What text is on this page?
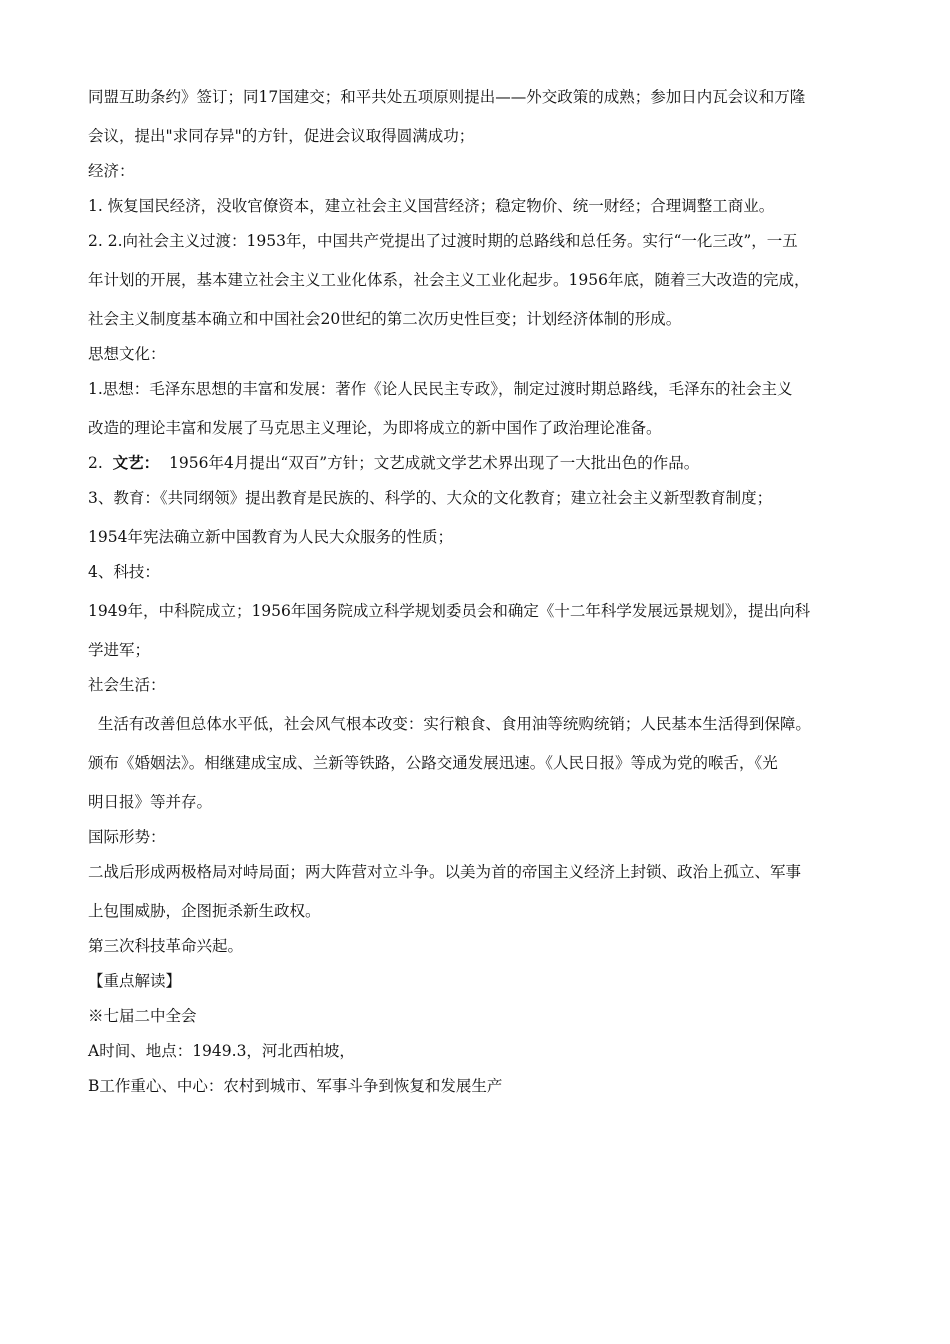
同盟互助条约》签订；同17国建交；和平共处五项原则提出——外交政策的成熟；参加日内瓦会议和万隆

会议，提出"求同存异"的方针，促进会议取得圆满成功；

经济：

1. 恢复国民经济，没收官僚资本，建立社会主义国营经济；稳定物价、统一财经；合理调整工商业。

2. 2.向社会主义过渡：1953年，中国共产党提出了过渡时期的总路线和总任务。实行“一化三改”，一五

年计划的开展，基本建立社会主义工业化体系，社会主义工业化起步。1956年底，随着三大改造的完成，

社会主义制度基本确立和中国社会20世纪的第二次历史性巨变；计划经济体制的形成。

思想文化：

1.思想：毛泽东思想的丰富和发展：著作《论人民民主专政》，制定过渡时期总路线，毛泽东的社会主义

改造的理论丰富和发展了马克思主义理论，为即将成立的新中国作了政治理论准备。

2. 文艺： 1956年4月提出“双百”方针；文艺成就文学艺术界出现了一大批出色的作品。

3、教育：《共同纲领》提出教育是民族的、科学的、大众的文化教育；建立社会主义新型教育制度；

1954年宪法确立新中国教育为人民大众服务的性质；

4、科技：

1949年，中科院成立；1956年国务院成立科学规划委员会和确定《十二年科学发展远景规划》，提出向科

学进军；

社会生活：

生活有改善但总体水平低，社会风气根本改变：实行粮食、食用油等统购统销；人民基本生活得到保障。

颁布《婚姻法》。相继建成宝成、兰新等铁路，公路交通发展迅速。《人民日报》等成为党的喉舌，《光

明日报》等并存。

国际形势：

二战后形成两极格局对峙局面；两大阵营对立斗争。以美为首的帝国主义经济上封锁、政治上孤立、军事

上包围威胁，企图扼杀新生政权。

第三次科技革命兴起。

【重点解读】

※七届二中全会

A时间、地点：1949.3，河北西柏坡，

B工作重心、中心：农村到城市、军事斗争到恢复和发展生产
